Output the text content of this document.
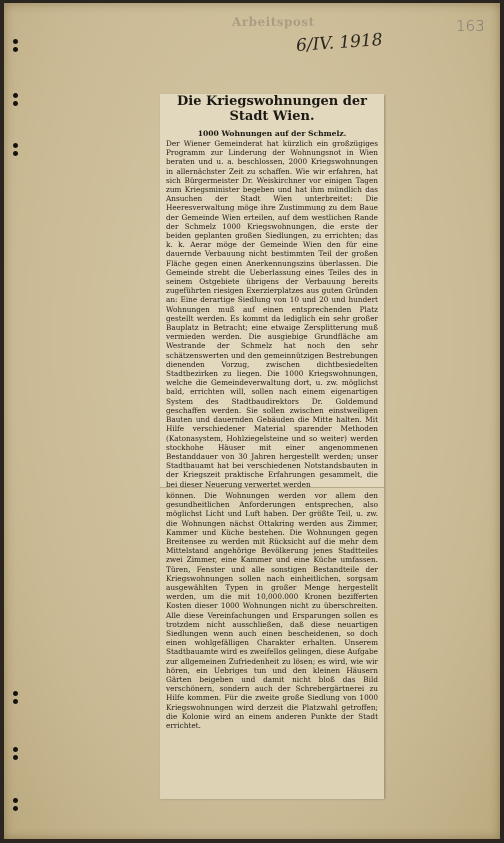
Arbeitspost	163
6/IV. 1918
Die Kriegswohnungen der Stadt Wien.
1000 Wohnungen auf der Schmelz.

Der Wiener Gemeinderat hat kürzlich ein großzügiges Programm zur Linderung der Wohnungsnot in Wien beraten und u. a. beschlossen, 2000 Kriegswohnungen in allernächster Zeit zu schaffen. Wie wir erfahren, hat sich Bürgermeister Dr. Weiskirchner vor einigen Tagen zum Kriegsminister begeben und hat ihm mündlich das Ansuchen der Stadt Wien unterbreitet: Die Heeresverwaltung möge ihre Zustimmung zu dem Baue der Gemeinde Wien erteilen, auf dem westlichen Rande der Schmelz 1000 Kriegswohnungen, die erste der beiden geplanten großen Siedlungen, zu errichten; das k. k. Aerar möge der Gemeinde Wien den für eine dauernde Verbauung nicht bestimmten Teil der großen Fläche gegen einen Anerkennungszins überlassen. Die Gemeinde strebt die Ueberlassung eines Teiles des in seinem Ostgebiete übrigens der Verbauung bereits zugeführten riesigen Exerzierplatzes aus guten Gründen an: Eine derartige Siedlung von 10 und 20 und hundert Wohnungen muß auf einen entsprechenden Platz gestellt werden. Es kommt da lediglich ein sehr großer Bauplatz in Betracht; eine etwaige Zersplitterung muß vermieden werden. Die ausgiebige Grundfläche am Westrande der Schmelz hat noch den sehr schätzenswerten und den gemeinnützigen Bestrebungen dienenden Vorzug, zwischen dichtbesiedelten Stadtbezirken zu liegen. Die 1000 Kriegswohnungen, welche die Gemeindeverwaltung dort, u. zw. möglichst bald, errichten will, sollen nach einem eigenartigen System des Stadtbaudirektors Dr. Goldemund geschaffen werden. Sie sollen zwischen einstweiligen Bauten und dauernden Gebäuden die Mitte halten. Mit Hilfe verschiedener Material sparender Methoden (Katonasystem, Hohlziegelsteine und so weiter) werden stockhohe Häuser mit einer angenommenen Bestanddauer von 30 Jahren hergestellt werden; unser Stadtbauamt hat bei verschiedenen Notstandsbauten in der Kriegszeit praktische Erfahrungen gesammelt, die bei dieser Neuerung verwertet werden

können. Die Wohnungen werden vor allem den gesundheitlichen Anforderungen entsprechen, also möglichst Licht und Luft haben. Der größte Teil, u. zw. die Wohnungen nächst Ottakring werden aus Zimmer, Kammer und Küche bestehen. Die Wohnungen gegen Breitensee zu werden mit Rücksicht auf die mehr dem Mittelstand angehörige Bevölkerung jenes Stadtteiles zwei Zimmer, eine Kammer und eine Küche umfassen. Türen, Fenster und alle sonstigen Bestandteile der Kriegswohnungen sollen nach einheitlichen, sorgsam ausgewählten Typen in großer Menge hergestellt werden, um die mit 10,000.000 Kronen bezifferten Kosten dieser 1000 Wohnungen nicht zu überschreiten. Alle diese Vereinfachungen und Ersparungen sollen es trotzdem nicht ausschließen, daß diese neuartigen Siedlungen wenn auch einen bescheidenen, so doch einen wohlgefälligen Charakter erhalten. Unserem Stadtbauamte wird es zweifellos gelingen, diese Aufgabe zur allgemeinen Zufriedenheit zu lösen; es wird, wie wir hören, ein Uebriges tun und den kleinen Häusern Gärten beigeben und damit nicht bloß das Bild verschönern, sondern auch der Schrebergärtnerei zu Hilfe kommen. Für die zweite große Siedlung von 1000 Kriegswohnungen wird derzeit die Platzwahl getroffen; die Kolonie wird an einem anderen Punkte der Stadt errichtet.
